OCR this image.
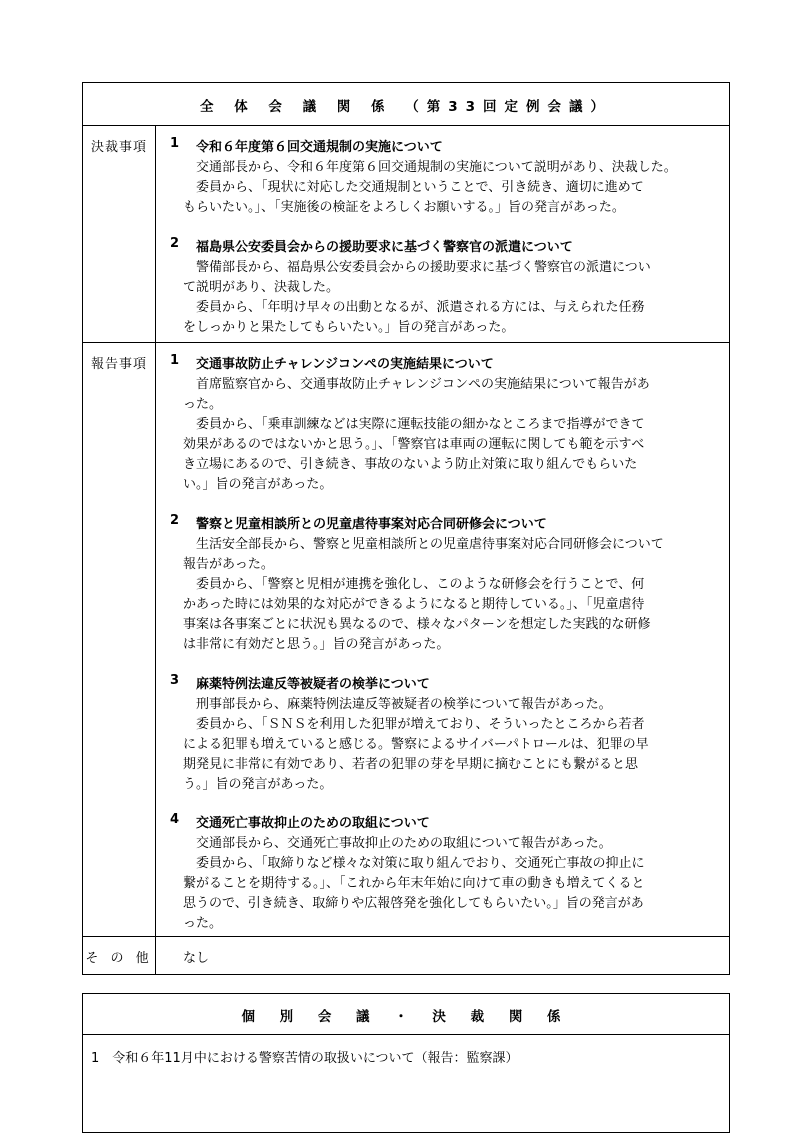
全 体 会 議 関 係 （第33回定例会議）
決裁事項	1 令和６年度第６回交通規制の実施について
交通部長から、令和６年度第６回交通規制の実施について説明があり、決裁した。
委員から、「現状に対応した交通規制ということで、引き続き、適切に進めて
もらいたい。」、「実施後の検証をよろしくお願いする。」旨の発言があった。
2 福島県公安委員会からの援助要求に基づく警察官の派遣について
警備部長から、福島県公安委員会からの援助要求に基づく警察官の派遣につい
て説明があり、決裁した。
委員から、「年明け早々の出動となるが、派遣される方には、与えられた任務
をしっかりと果たしてもらいたい。」旨の発言があった。
報告事項	1 交通事故防止チャレンジコンペの実施結果について
首席監察官から、交通事故防止チャレンジコンペの実施結果について報告があ
った。
委員から、「乗車訓練などは実際に運転技能の細かなところまで指導ができて
効果があるのではないかと思う。」、「警察官は車両の運転に関しても範を示すべ
き立場にあるので、引き続き、事故のないよう防止対策に取り組んでもらいた
い。」旨の発言があった。
2 警察と児童相談所との児童虐待事案対応合同研修会について
生活安全部長から、警察と児童相談所との児童虐待事案対応合同研修会について
報告があった。
委員から、「警察と児相が連携を強化し、このような研修会を行うことで、何
かあった時には効果的な対応ができるようになると期待している。」、「児童虐待
事案は各事案ごとに状況も異なるので、様々なパターンを想定した実践的な研修
は非常に有効だと思う。」旨の発言があった。
3 麻薬特例法違反等被疑者の検挙について
刑事部長から、麻薬特例法違反等被疑者の検挙について報告があった。
委員から、「ＳＮＳを利用した犯罪が増えており、そういったところから若者
による犯罪も増えていると感じる。警察によるサイバーパトロールは、犯罪の早
期発見に非常に有効であり、若者の犯罪の芽を早期に摘むことにも繋がると思
う。」旨の発言があった。
4 交通死亡事故抑止のための取組について
交通部長から、交通死亡事故抑止のための取組について報告があった。
委員から、「取締りなど様々な対策に取り組んでおり、交通死亡事故の抑止に
繋がることを期待する。」、「これから年末年始に向けて車の動きも増えてくると
思うので、引き続き、取締りや広報啓発を強化してもらいたい。」旨の発言があ
った。
そ の 他 なし
個 別 会 議 ・ 決 裁 関 係
1　令和６年11月中における警察苦情の取扱いについて（報告：監察課）
